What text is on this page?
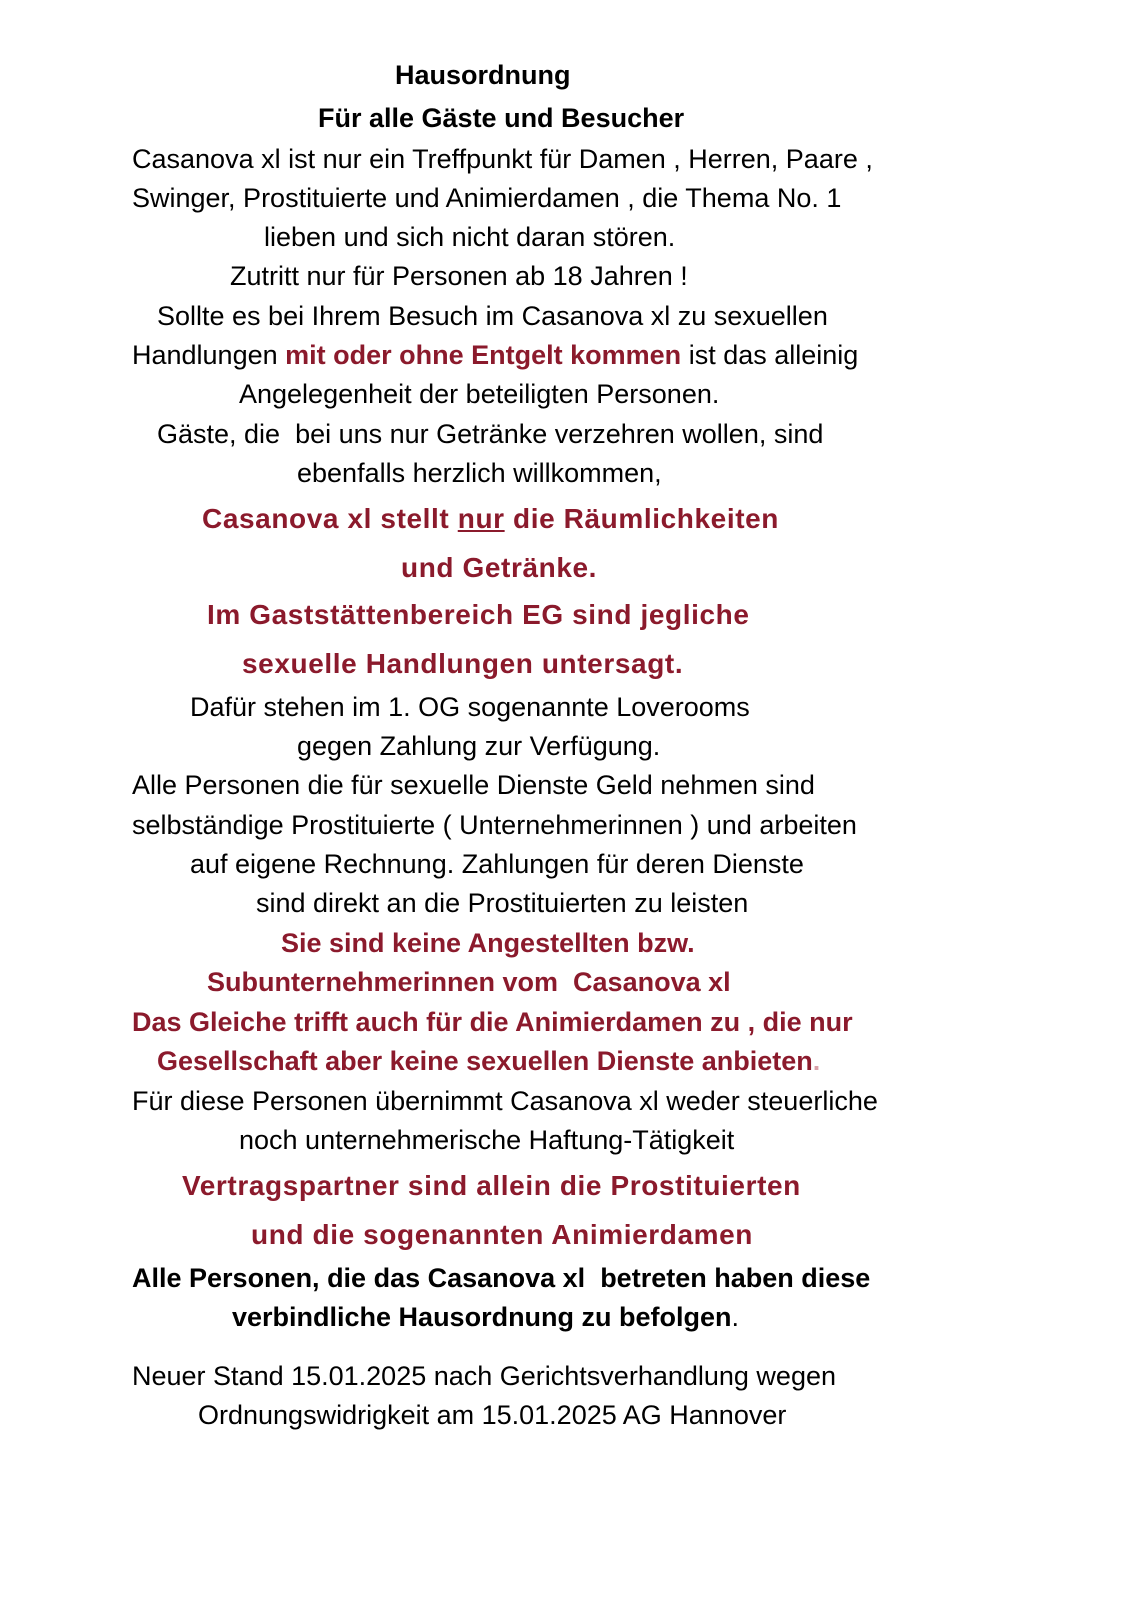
Hausordnung
Für alle Gäste und Besucher
Casanova xl ist nur ein Treffpunkt für Damen , Herren, Paare ,
Swinger, Prostituierte und Animierdamen , die Thema No. 1
lieben und sich nicht daran stören.
Zutritt nur für Personen ab 18 Jahren !
Sollte es bei Ihrem Besuch im Casanova xl zu sexuellen
Handlungen mit oder ohne Entgelt kommen ist das alleinig
Angelegenheit der beteiligten Personen.
Gäste, die  bei uns nur Getränke verzehren wollen, sind
ebenfalls herzlich willkommen,
Casanova xl stellt nur die Räumlichkeiten
und Getränke.
Im Gaststättenbereich EG sind jegliche
sexuelle Handlungen untersagt.
Dafür stehen im 1. OG sogenannte Loverooms
gegen Zahlung zur Verfügung.
Alle Personen die für sexuelle Dienste Geld nehmen sind
selbständige Prostituierte ( Unternehmerinnen ) und arbeiten
auf eigene Rechnung. Zahlungen für deren Dienste
sind direkt an die Prostituierten zu leisten
Sie sind keine Angestellten bzw.
Subunternehmerinnen vom  Casanova xl
Das Gleiche trifft auch für die Animierdamen zu , die nur
Gesellschaft aber keine sexuellen Dienste anbieten.
Für diese Personen übernimmt Casanova xl weder steuerliche
noch unternehmerische Haftung-Tätigkeit
Vertragspartner sind allein die Prostituierten
und die sogenannten Animierdamen
Alle Personen, die das Casanova xl  betreten haben diese
verbindliche Hausordnung zu befolgen.
Neuer Stand 15.01.2025 nach Gerichtsverhandlung wegen
Ordnungswidrigkeit am 15.01.2025 AG Hannover
